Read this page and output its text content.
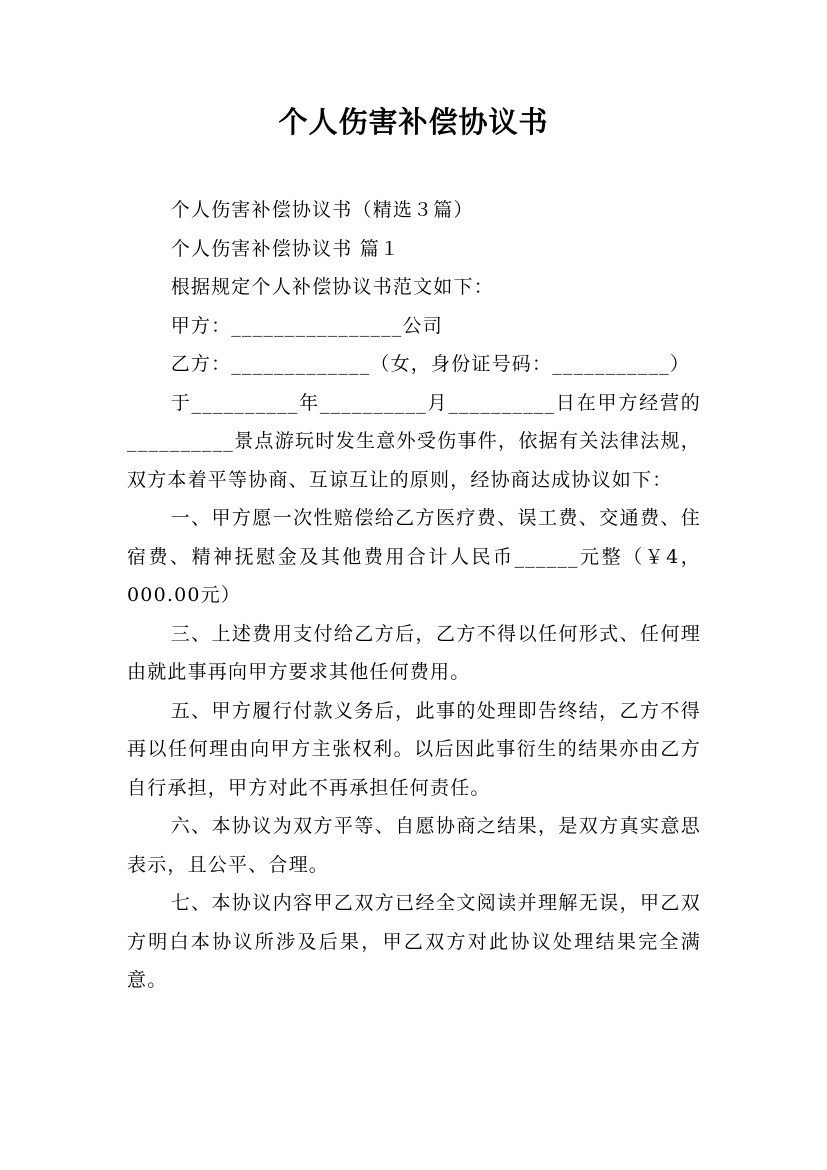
个人伤害补偿协议书

个人伤害补偿协议书（精选３篇）

个人伤害补偿协议书 篇１

根据规定个人补偿协议书范文如下：

甲方：________________公司

乙方：_____________（女，身份证号码：___________）

于__________年__________月__________日在甲方经营的__________景点游玩时发生意外受伤事件，依据有关法律法规，双方本着平等协商、互谅互让的原则，经协商达成协议如下：

一、甲方愿一次性赔偿给乙方医疗费、误工费、交通费、住宿费、精神抚慰金及其他费用合计人民币______元整（￥4，000.00元）

三、上述费用支付给乙方后，乙方不得以任何形式、任何理由就此事再向甲方要求其他任何费用。

五、甲方履行付款义务后，此事的处理即告终结，乙方不得再以任何理由向甲方主张权利。以后因此事衍生的结果亦由乙方自行承担，甲方对此不再承担任何责任。

六、本协议为双方平等、自愿协商之结果，是双方真实意思表示，且公平、合理。

七、本协议内容甲乙双方已经全文阅读并理解无误，甲乙双方明白本协议所涉及后果，甲乙双方对此协议处理结果完全满意。
